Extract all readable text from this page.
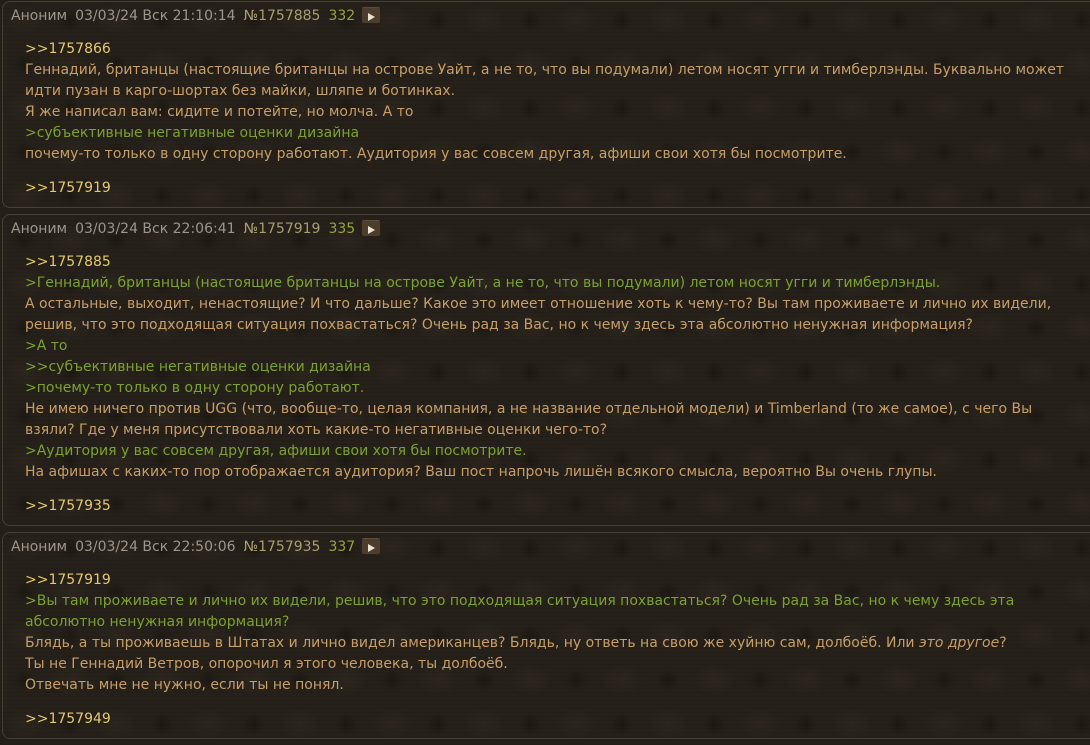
Аноним 03/03/24 Вск 21:10:14 №1757885 332
>>1757866
Геннадий, британцы (настоящие британцы на острове Уайт, а не то, что вы подумали) летом носят угги и тимберлэнды. Буквально может идти пузан в карго-шортах без майки, шляпе и ботинках.
Я же написал вам: сидите и потейте, но молча. А то
>субъективные негативные оценки дизайна
почему-то только в одну сторону работают. Аудитория у вас совсем другая, афиши свои хотя бы посмотрите.
>>1757919
Аноним 03/03/24 Вск 22:06:41 №1757919 335
>>1757885
>Геннадий, британцы (настоящие британцы на острове Уайт, а не то, что вы подумали) летом носят угги и тимберлэнды.
А остальные, выходит, ненастоящие? И что дальше? Какое это имеет отношение хоть к чему-то? Вы там проживаете и лично их видели, решив, что это подходящая ситуация похвастаться? Очень рад за Вас, но к чему здесь эта абсолютно ненужная информация?
>А то
>>субъективные негативные оценки дизайна
>почему-то только в одну сторону работают.
Не имею ничего против UGG (что, вообще-то, целая компания, а не название отдельной модели) и Timberland (то же самое), с чего Вы взяли? Где у меня присутствовали хоть какие-то негативные оценки чего-то?
>Аудитория у вас совсем другая, афиши свои хотя бы посмотрите.
На афишах с каких-то пор отображается аудитория? Ваш пост напрочь лишён всякого смысла, вероятно Вы очень глупы.
>>1757935
Аноним 03/03/24 Вск 22:50:06 №1757935 337
>>1757919
>Вы там проживаете и лично их видели, решив, что это подходящая ситуация похвастаться? Очень рад за Вас, но к чему здесь эта абсолютно ненужная информация?
Блядь, а ты проживаешь в Штатах и лично видел американцев? Блядь, ну ответь на свою же хуйню сам, долбоёб. Или это другое?
Ты не Геннадий Ветров, опорочил я этого человека, ты долбоёб.
Отвечать мне не нужно, если ты не понял.
>>1757949
